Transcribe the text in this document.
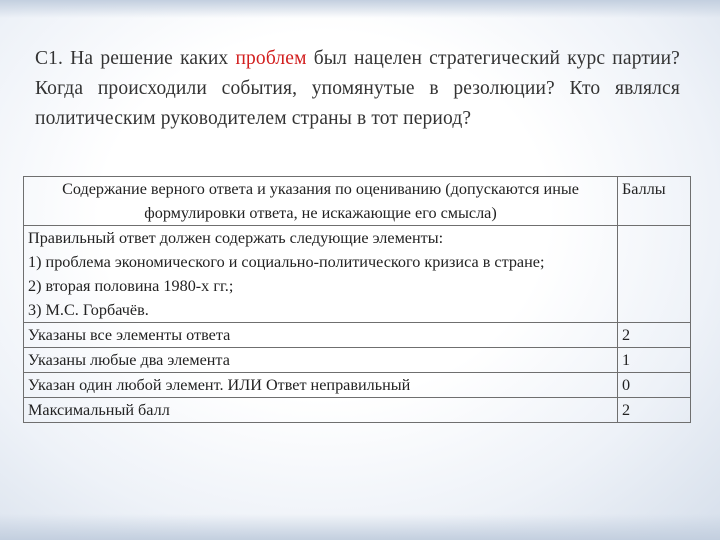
С1. На решение каких проблем был нацелен стратегический курс партии? Когда происходили события, упомянутые в резолюции? Кто являлся политическим руководителем страны в тот период?

Содержание верного ответа и указания по оцениванию (допускаются иные формулировки ответа, не искажающие его смысла)	Баллы

Правильный ответ должен содержать следующие элементы:
1) проблема экономического и социально-политического кризиса в стране;
2) вторая половина 1980-х гг.;
3) М.С. Горбачёв.	

Указаны все элементы ответа	2
Указаны любые два элемента	1
Указан один любой элемент. ИЛИ Ответ неправильный	0
Максимальный балл	2
